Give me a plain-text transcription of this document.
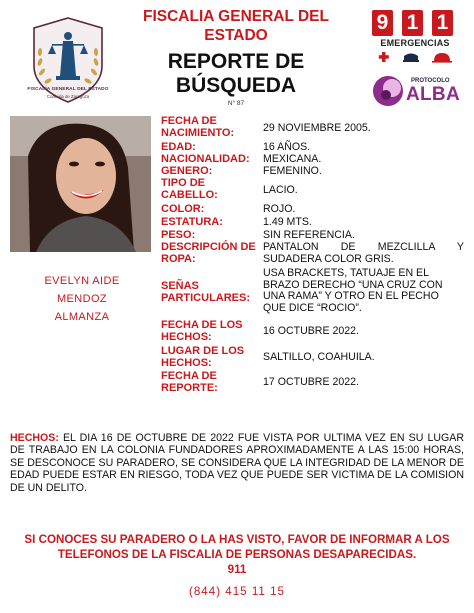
FISCALÍA GENERAL DEL ESTADO
Coahuila de Zaragoza
FISCALIA GENERAL DEL ESTADO
REPORTE DE BÚSQUEDA
N° 87
9 1 1
EMERGENCIAS
PROTOCOLO
ALBA
EVELYN AIDE
MENDOZ
ALMANZA
FECHA DE NACIMIENTO:	29 NOVIEMBRE 2005.
EDAD:	16 AÑOS.
NACIONALIDAD:	MEXICANA.
GENERO:	FEMENINO.
TIPO DE CABELLO:	LACIO.
COLOR:	ROJO.
ESTATURA:	1.49 MTS.
PESO:	SIN REFERENCIA.
DESCRIPCIÓN DE ROPA:
PANTALON DE MEZCLILLA Y SUDADERA COLOR GRIS.
SEÑAS PARTICULARES:
USA BRACKETS, TATUAJE EN EL BRAZO DERECHO “UNA CRUZ CON UNA RAMA” Y OTRO EN EL PECHO QUE DICE “ROCIO”.
FECHA DE LOS HECHOS:	16 OCTUBRE 2022.
LUGAR DE LOS HECHOS:	SALTILLO, COAHUILA.
FECHA DE REPORTE:	17 OCTUBRE 2022.
HECHOS: EL DIA 16 DE OCTUBRE DE 2022 FUE VISTA POR ULTIMA VEZ EN SU LUGAR DE TRABAJO EN LA COLONIA FUNDADORES APROXIMADAMENTE A LAS 15:00 HORAS, SE DESCONOCE SU PARADERO, SE CONSIDERA QUE LA INTEGRIDAD DE LA MENOR DE EDAD PUEDE ESTAR EN RIESGO, TODA VEZ QUE PUEDE SER VICTIMA DE LA COMISION DE UN DELITO.
SI CONOCES SU PARADERO O LA HAS VISTO, FAVOR DE INFORMAR A LOS TELEFONOS DE LA FISCALIA DE PERSONAS DESAPARECIDAS.
911
(844) 415 11 15
